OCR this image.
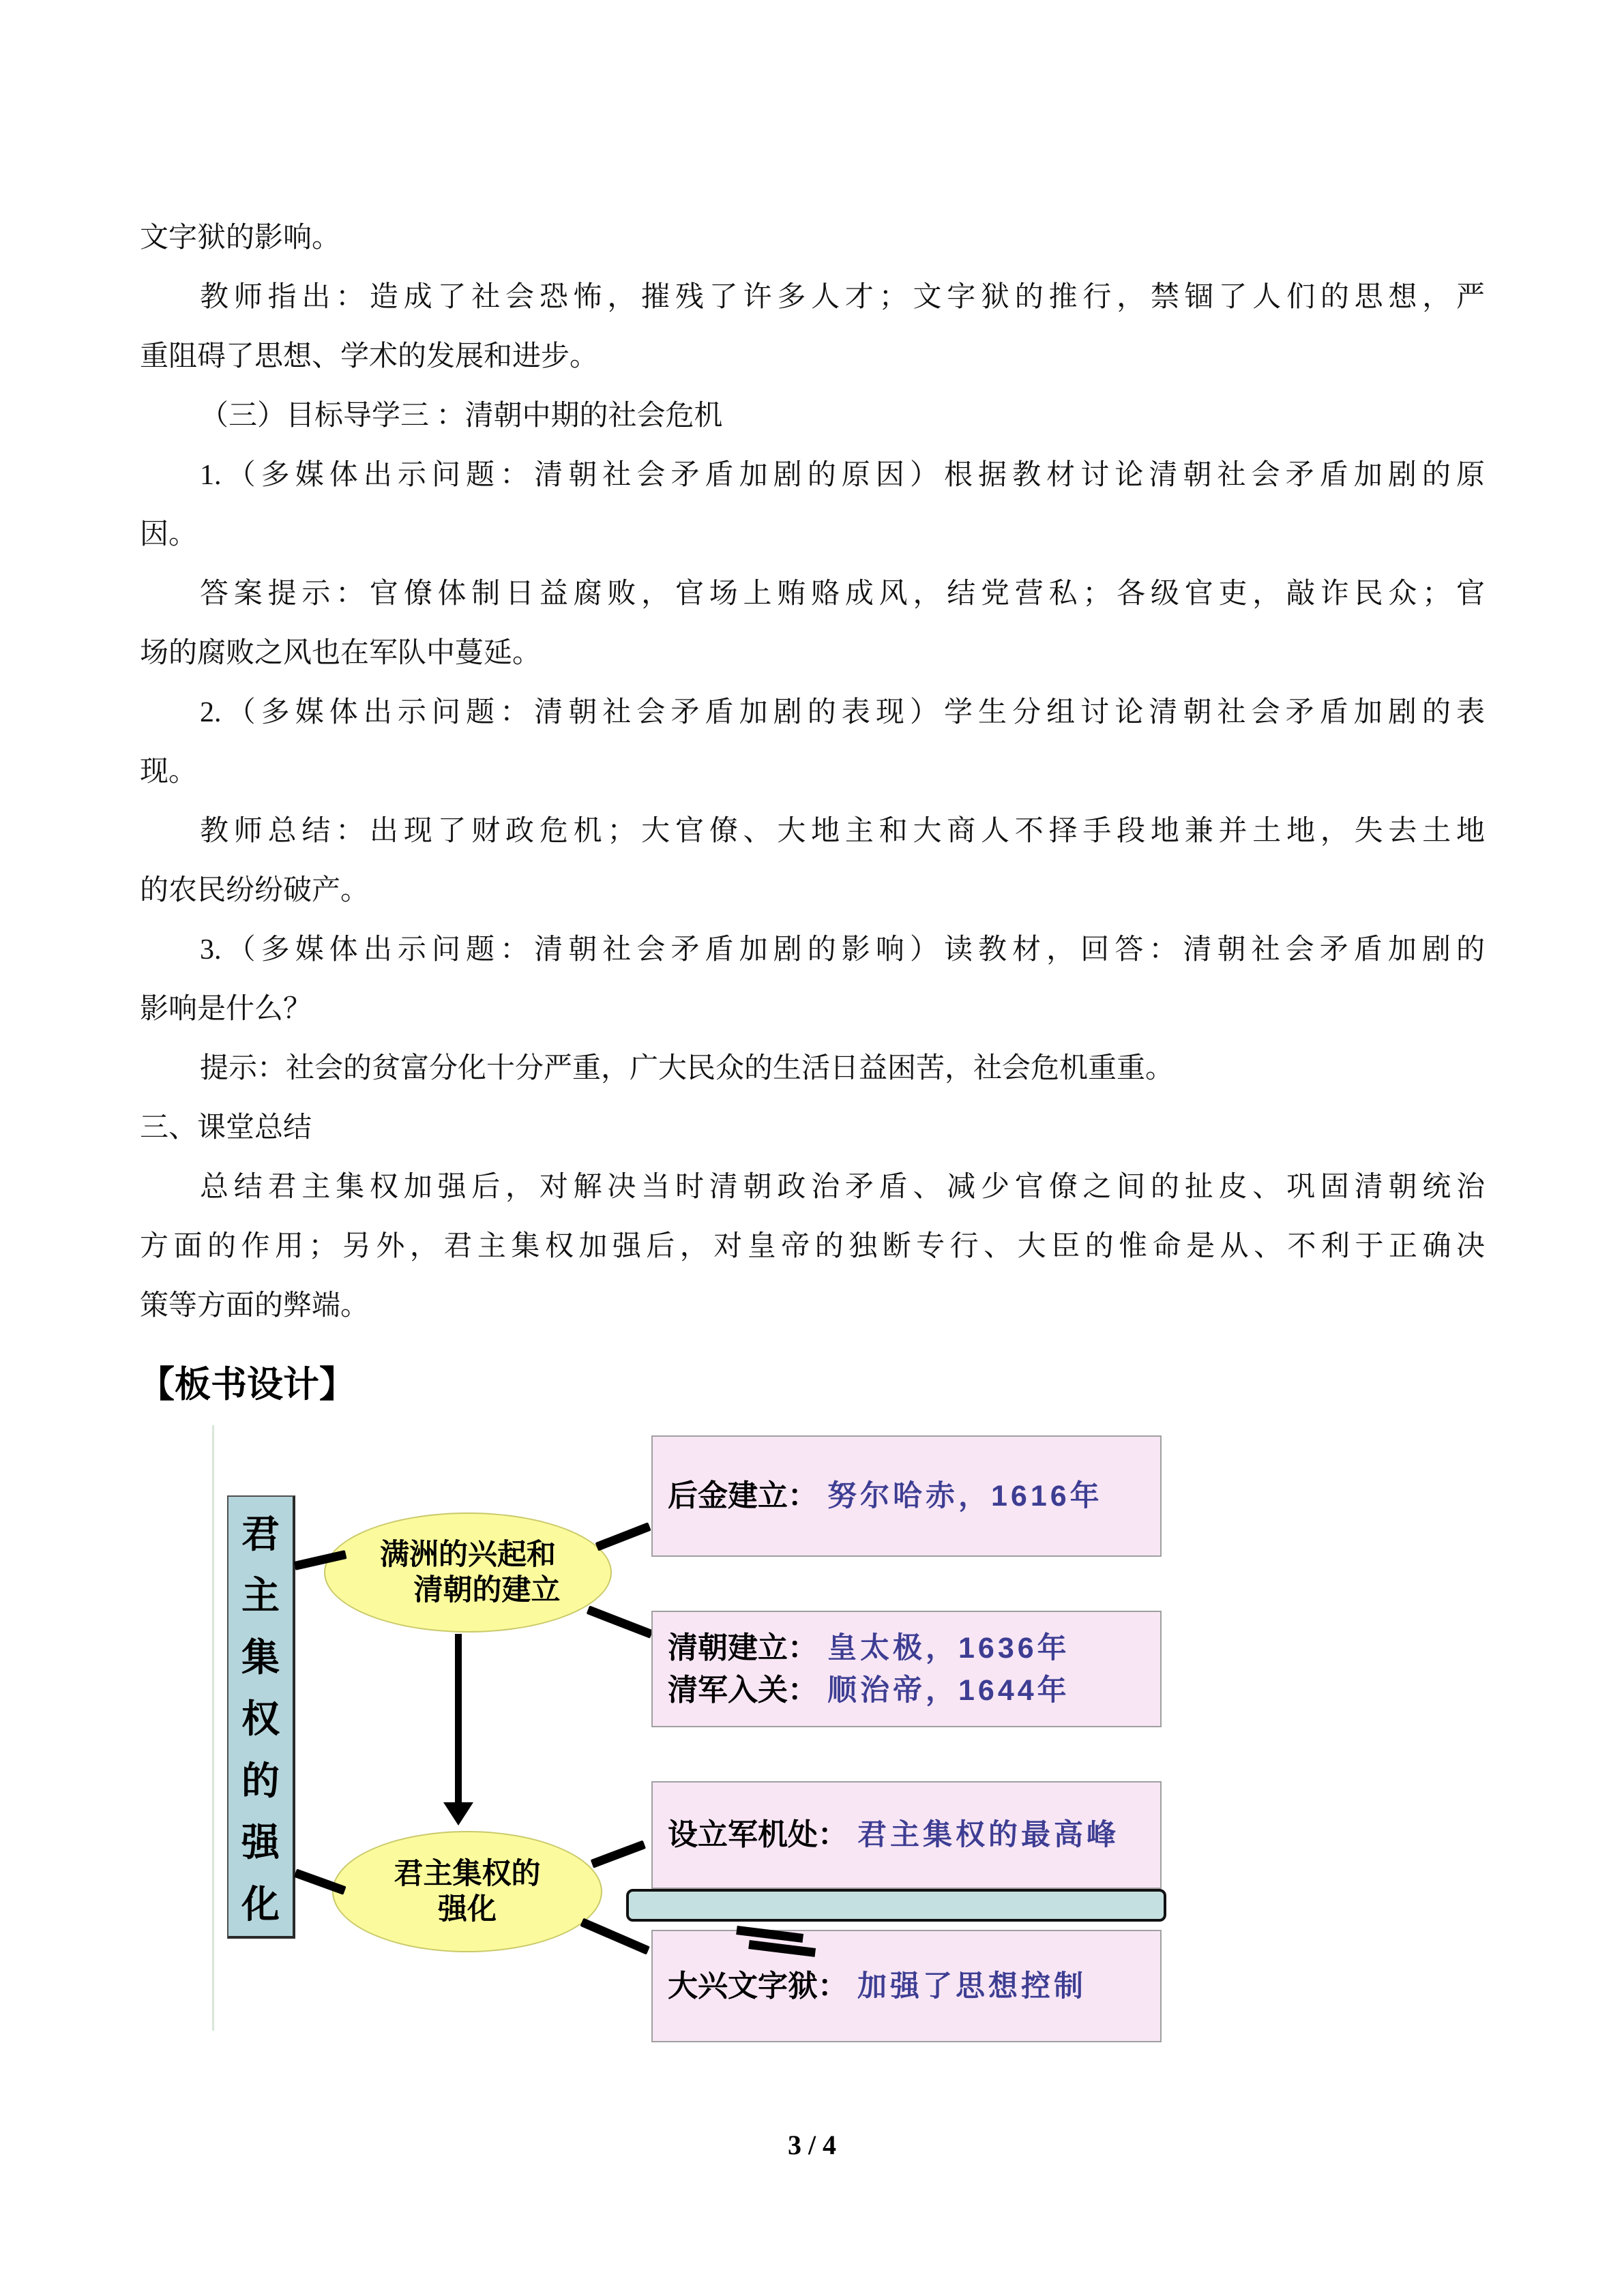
文字狱的影响。
教师指出：造成了社会恐怖，摧残了许多人才；文字狱的推行，禁锢了人们的思想，严
重阻碍了思想、学术的发展和进步。
（三）目标导学三 ：清朝中期的社会危机
1.（多媒体出示问题：清朝社会矛盾加剧的原因）根据教材讨论清朝社会矛盾加剧的原
因。
答案提示：官僚体制日益腐败，官场上贿赂成风，结党营私；各级官吏，敲诈民众；官
场的腐败之风也在军队中蔓延。
2.（多媒体出示问题：清朝社会矛盾加剧的表现）学生分组讨论清朝社会矛盾加剧的表
现。
教师总结：出现了财政危机；大官僚、大地主和大商人不择手段地兼并土地，失去土地
的农民纷纷破产。
3.（多媒体出示问题：清朝社会矛盾加剧的影响）读教材，回答：清朝社会矛盾加剧的
影响是什么？
提示：社会的贫富分化十分严重，广大民众的生活日益困苦，社会危机重重。
三、课堂总结
总结君主集权加强后，对解决当时清朝政治矛盾、减少官僚之间的扯皮、巩固清朝统治
方面的作用；另外，君主集权加强后，对皇帝的独断专行、大臣的惟命是从、不利于正确决
策等方面的弊端。
【板书设计】
君
主
集
权
的
强
化
满洲的兴起和
清朝的建立
君主集权的
强化
后金建立： 努尔哈赤，1616年
清朝建立： 皇太极，1636年
清军入关： 顺治帝，1644年
设立军机处： 君主集权的最高峰
大兴文字狱： 加强了思想控制
3 / 4
